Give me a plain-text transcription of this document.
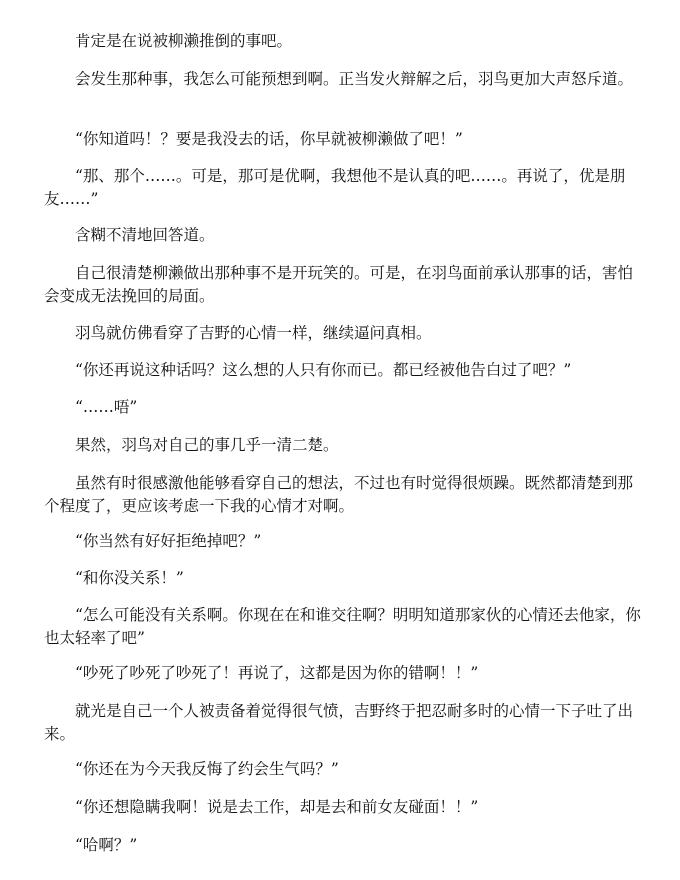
肯定是在说被柳濑推倒的事吧。

会发生那种事，我怎么可能预想到啊。正当发火辩解之后，羽鸟更加大声怒斥道。

“你知道吗！？要是我没去的话，你早就被柳濑做了吧！”

“那、那个……。可是，那可是优啊，我想他不是认真的吧……。再说了，优是朋友……”

含糊不清地回答道。

自己很清楚柳濑做出那种事不是开玩笑的。可是，在羽鸟面前承认那事的话，害怕会变成无法挽回的局面。

羽鸟就仿佛看穿了吉野的心情一样，继续逼问真相。

“你还再说这种话吗？这么想的人只有你而已。都已经被他告白过了吧？”

“……唔”

果然，羽鸟对自己的事几乎一清二楚。

虽然有时很感激他能够看穿自己的想法，不过也有时觉得很烦躁。既然都清楚到那个程度了，更应该考虑一下我的心情才对啊。

“你当然有好好拒绝掉吧？”

“和你没关系！”

“怎么可能没有关系啊。你现在在和谁交往啊？明明知道那家伙的心情还去他家，你也太轻率了吧”

“吵死了吵死了吵死了！再说了，这都是因为你的错啊！！”

就光是自己一个人被责备着觉得很气愤，吉野终于把忍耐多时的心情一下子吐了出来。

“你还在为今天我反悔了约会生气吗？”

“你还想隐瞒我啊！说是去工作，却是去和前女友碰面！！”

“哈啊？”
